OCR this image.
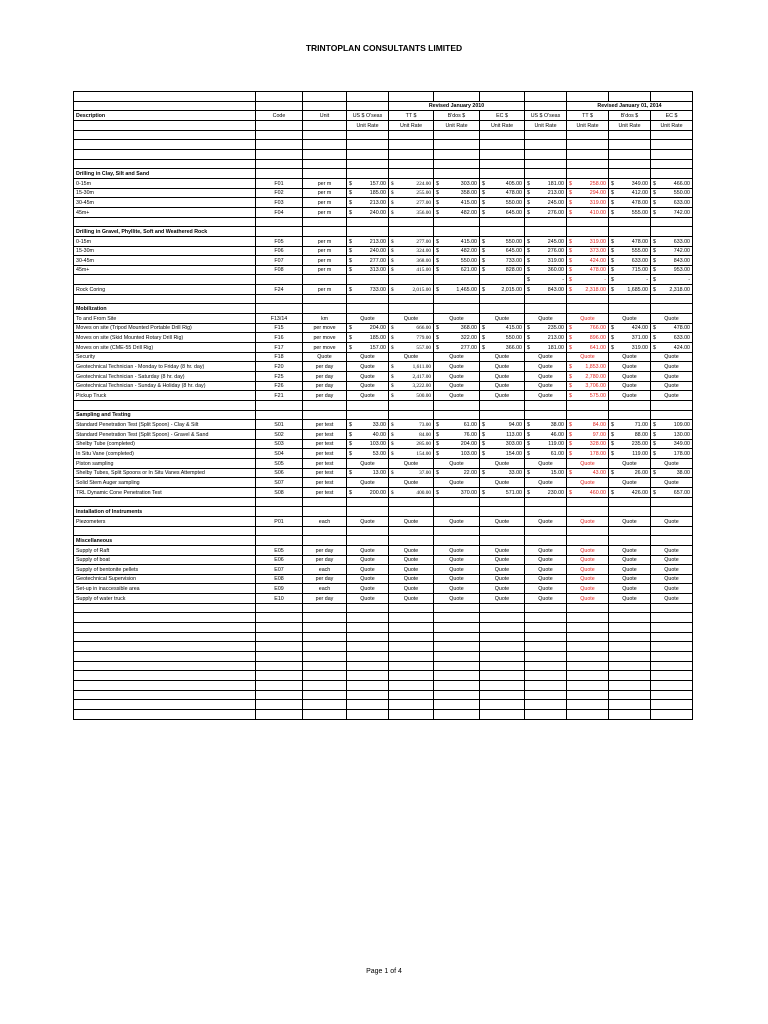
TRINTOPLAN CONSULTANTS LIMITED

				Revised January 2010				Revised January 01, 2014		
Description	Code	Unit	US $ O'seas	TT $	B'dos $	EC $	US $ O'seas	TT $	B'dos $	EC $
			Unit Rate	Unit Rate	Unit Rate	Unit Rate	Unit Rate	Unit Rate	Unit Rate	Unit Rate

Drilling in Clay, Silt and Sand										
0-15m	F01	per m	$ 157.00	$ 224.00	$ 303.00	$ 405.00	$ 181.00	$ 258.00	$ 349.00	$ 466.00

15-30m	F02	per m	$ 185.00	$ 255.00	$ 358.00	$ 478.00	$ 213.00	$ 294.00	$ 412.00	$ 550.00

30-45m	F03	per m	$ 213.00	$ 277.00	$ 415.00	$ 550.00	$ 245.00	$ 319.00	$ 478.00	$ 633.00

45m+	F04	per m	$ 240.00	$ 356.00	$ 482.00	$ 645.00	$ 276.00	$ 410.00	$ 555.00	$ 742.00

Drilling in Gravel, Phyllite, Soft and Weathered Rock										
0-15m	F05	per m	$ 213.00	$ 277.00	$ 415.00	$ 550.00	$ 245.00	$ 319.00	$ 478.00	$ 633.00

15-30m	F06	per m	$ 240.00	$ 324.00	$ 482.00	$ 645.00	$ 276.00	$ 373.00	$ 555.00	$ 742.00

30-45m	F07	per m	$ 277.00	$ 368.00	$ 550.00	$ 733.00	$ 319.00	$ 424.00	$ 633.00	$ 843.00

45m+	F08	per m	$ 313.00	$ 415.00	$ 621.00	$ 828.00	$ 360.00	$ 478.00	$ 715.00	$ 953.00

							$ -	$ -	$ -	$ -

Rock Coring	F24	per m	$ 733.00	$ 2,015.00	$ 1,465.00	$ 2,015.00	$ 843.00	$ 2,318.00	$ 1,685.00	$ 2,318.00

Mobilization										
To and From Site	F13/14	km	Quote	Quote	Quote	Quote	Quote	Quote	Quote	Quote
Moves on site (Tripod Mounted Portable Drill Rig)	F15	per move	$ 204.00	$ 666.00	$ 368.00	$ 415.00	$ 235.00	$ 766.00	$ 424.00	$ 478.00

Moves on site (Skid Mounted Rotary Drill Rig)	F16	per move	$ 185.00	$ 779.00	$ 322.00	$ 550.00	$ 213.00	$ 896.00	$ 371.00	$ 633.00

Moves on site (CME-55 Drill Rig)	F17	per move	$ 157.00	$ 557.00	$ 277.00	$ 366.00	$ 181.00	$ 641.00	$ 319.00	$ 424.00

Security	F18	Quote	Quote	Quote	Quote	Quote	Quote	Quote	Quote	Quote
Geotechnical Technician - Monday to Friday (8 hr. day)	F20	per day	Quote	$ 1,611.00	Quote	Quote	Quote	$ 1,853.00	Quote	Quote
Geotechnical Technician - Saturday (8 hr. day)	F25	per day	Quote	$ 2,417.00	Quote	Quote	Quote	$ 2,780.00	Quote	Quote
Geotechnical Technician - Sunday & Holiday (8 hr. day)	F26	per day	Quote	$ 3,222.00	Quote	Quote	Quote	$ 3,706.00	Quote	Quote
Pickup Truck	F21	per day	Quote	$ 500.00	Quote	Quote	Quote	$ 575.00	Quote	Quote

Sampling and Testing										
Standard Penetration Test (Split Spoon) - Clay & Silt	S01	per test	$ 33.00	$ 73.00	$ 61.00	$ 94.00	$ 38.00	$ 84.00	$ 71.00	$ 109.00

Standard Penetration Test (Split Spoon) - Gravel & Sand	S02	per test	$ 40.00	$ 84.00	$ 76.00	$ 113.00	$ 46.00	$ 97.00	$ 88.00	$ 130.00

Shelby Tube (completed)	S03	per test	$ 103.00	$ 285.00	$ 204.00	$ 303.00	$ 119.00	$ 328.00	$ 235.00	$ 349.00

In Situ Vane (completed)	S04	per test	$ 53.00	$ 154.00	$ 103.00	$ 154.00	$ 61.00	$ 178.00	$ 119.00	$ 178.00

Piston sampling	S05	per test	Quote	Quote	Quote	Quote	Quote	Quote	Quote	Quote
Shelby Tubes, Split Spoons or In Situ Vanes Attempted	S06	per test	$ 13.00	$ 37.00	$ 22.00	$ 33.00	$ 15.00	$ 43.00	$ 26.00	$ 38.00

Solid Stem Auger sampling	S07	per test	Quote	Quote	Quote	Quote	Quote	Quote	Quote	Quote
TRL Dynamic Cone Penetration Test	S08	per test	$ 200.00	$ 400.00	$ 370.00	$ 571.00	$ 230.00	$ 460.00	$ 426.00	$ 657.00

Installation of Instruments										
Piezometers	P01	each	Quote	Quote	Quote	Quote	Quote	Quote	Quote	Quote

Miscellaneous										
Supply of Raft	E05	per day	Quote	Quote	Quote	Quote	Quote	Quote	Quote	Quote
Supply of boat	E06	per day	Quote	Quote	Quote	Quote	Quote	Quote	Quote	Quote
Supply of bentonite pellets	E07	each	Quote	Quote	Quote	Quote	Quote	Quote	Quote	Quote
Geotechnical Supervision	E08	per day	Quote	Quote	Quote	Quote	Quote	Quote	Quote	Quote
Set-up in inaccessible area	E09	each	Quote	Quote	Quote	Quote	Quote	Quote	Quote	Quote
Supply of water truck	E10	per day	Quote	Quote	Quote	Quote	Quote	Quote	Quote	Quote

Page 1 of 4
